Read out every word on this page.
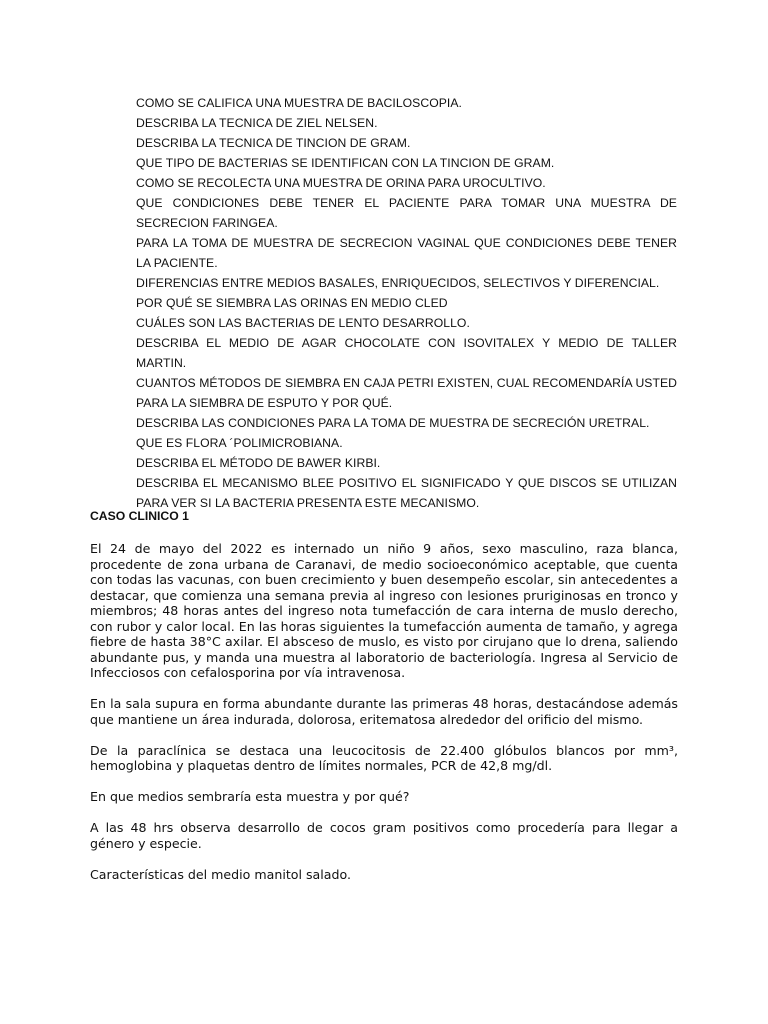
COMO SE CALIFICA UNA MUESTRA DE BACILOSCOPIA.
DESCRIBA LA TECNICA DE ZIEL NELSEN.
DESCRIBA LA TECNICA DE TINCION DE GRAM.
QUE TIPO DE BACTERIAS SE IDENTIFICAN CON LA TINCION DE GRAM.
COMO SE RECOLECTA UNA MUESTRA DE ORINA PARA UROCULTIVO.
QUE CONDICIONES DEBE TENER EL PACIENTE PARA TOMAR UNA MUESTRA DE SECRECION FARINGEA.
PARA LA TOMA DE MUESTRA DE SECRECION VAGINAL QUE CONDICIONES DEBE TENER LA PACIENTE.
DIFERENCIAS ENTRE MEDIOS BASALES, ENRIQUECIDOS, SELECTIVOS Y DIFERENCIAL.
POR QUÉ SE SIEMBRA LAS ORINAS EN MEDIO CLED
CUÁLES SON LAS BACTERIAS DE LENTO DESARROLLO.
DESCRIBA EL MEDIO DE AGAR CHOCOLATE CON ISOVITALEX Y MEDIO DE TALLER MARTIN.
CUANTOS MÉTODOS DE SIEMBRA EN CAJA PETRI EXISTEN, CUAL RECOMENDARÍA USTED PARA LA SIEMBRA DE ESPUTO Y POR QUÉ.
DESCRIBA LAS CONDICIONES PARA LA TOMA DE MUESTRA DE SECRECIÓN URETRAL.
QUE ES FLORA ´POLIMICROBIANA.
DESCRIBA EL MÉTODO DE BAWER KIRBI.
DESCRIBA EL MECANISMO BLEE POSITIVO EL SIGNIFICADO Y QUE DISCOS SE UTILIZAN PARA VER SI LA BACTERIA PRESENTA ESTE MECANISMO.
CASO CLINICO 1

El 24 de mayo del 2022 es internado un niño 9 años, sexo masculino, raza blanca, procedente de zona urbana de Caranavi, de medio socioeconómico aceptable, que cuenta con todas las vacunas, con buen crecimiento y buen desempeño escolar, sin antecedentes a destacar, que comienza una semana previa al ingreso con lesiones pruriginosas en tronco y miembros; 48 horas antes del ingreso nota tumefacción de cara interna de muslo derecho, con rubor y calor local. En las horas siguientes la tumefacción aumenta de tamaño, y agrega fiebre de hasta 38°C axilar. El absceso de muslo, es visto por cirujano que lo drena, saliendo abundante pus, y manda una muestra al laboratorio de bacteriología. Ingresa al Servicio de Infecciosos con cefalosporina por vía intravenosa.

En la sala supura en forma abundante durante las primeras 48 horas, destacándose además que mantiene un área indurada, dolorosa, eritematosa alrededor del orificio del mismo.

De la paraclínica se destaca una leucocitosis de 22.400 glóbulos blancos por mm³, hemoglobina y plaquetas dentro de límites normales, PCR de 42,8 mg/dl.

En que medios sembraría esta muestra y por qué?

A las 48 hrs observa desarrollo de cocos gram positivos como procedería para llegar a género y especie.

Características del medio manitol salado.
